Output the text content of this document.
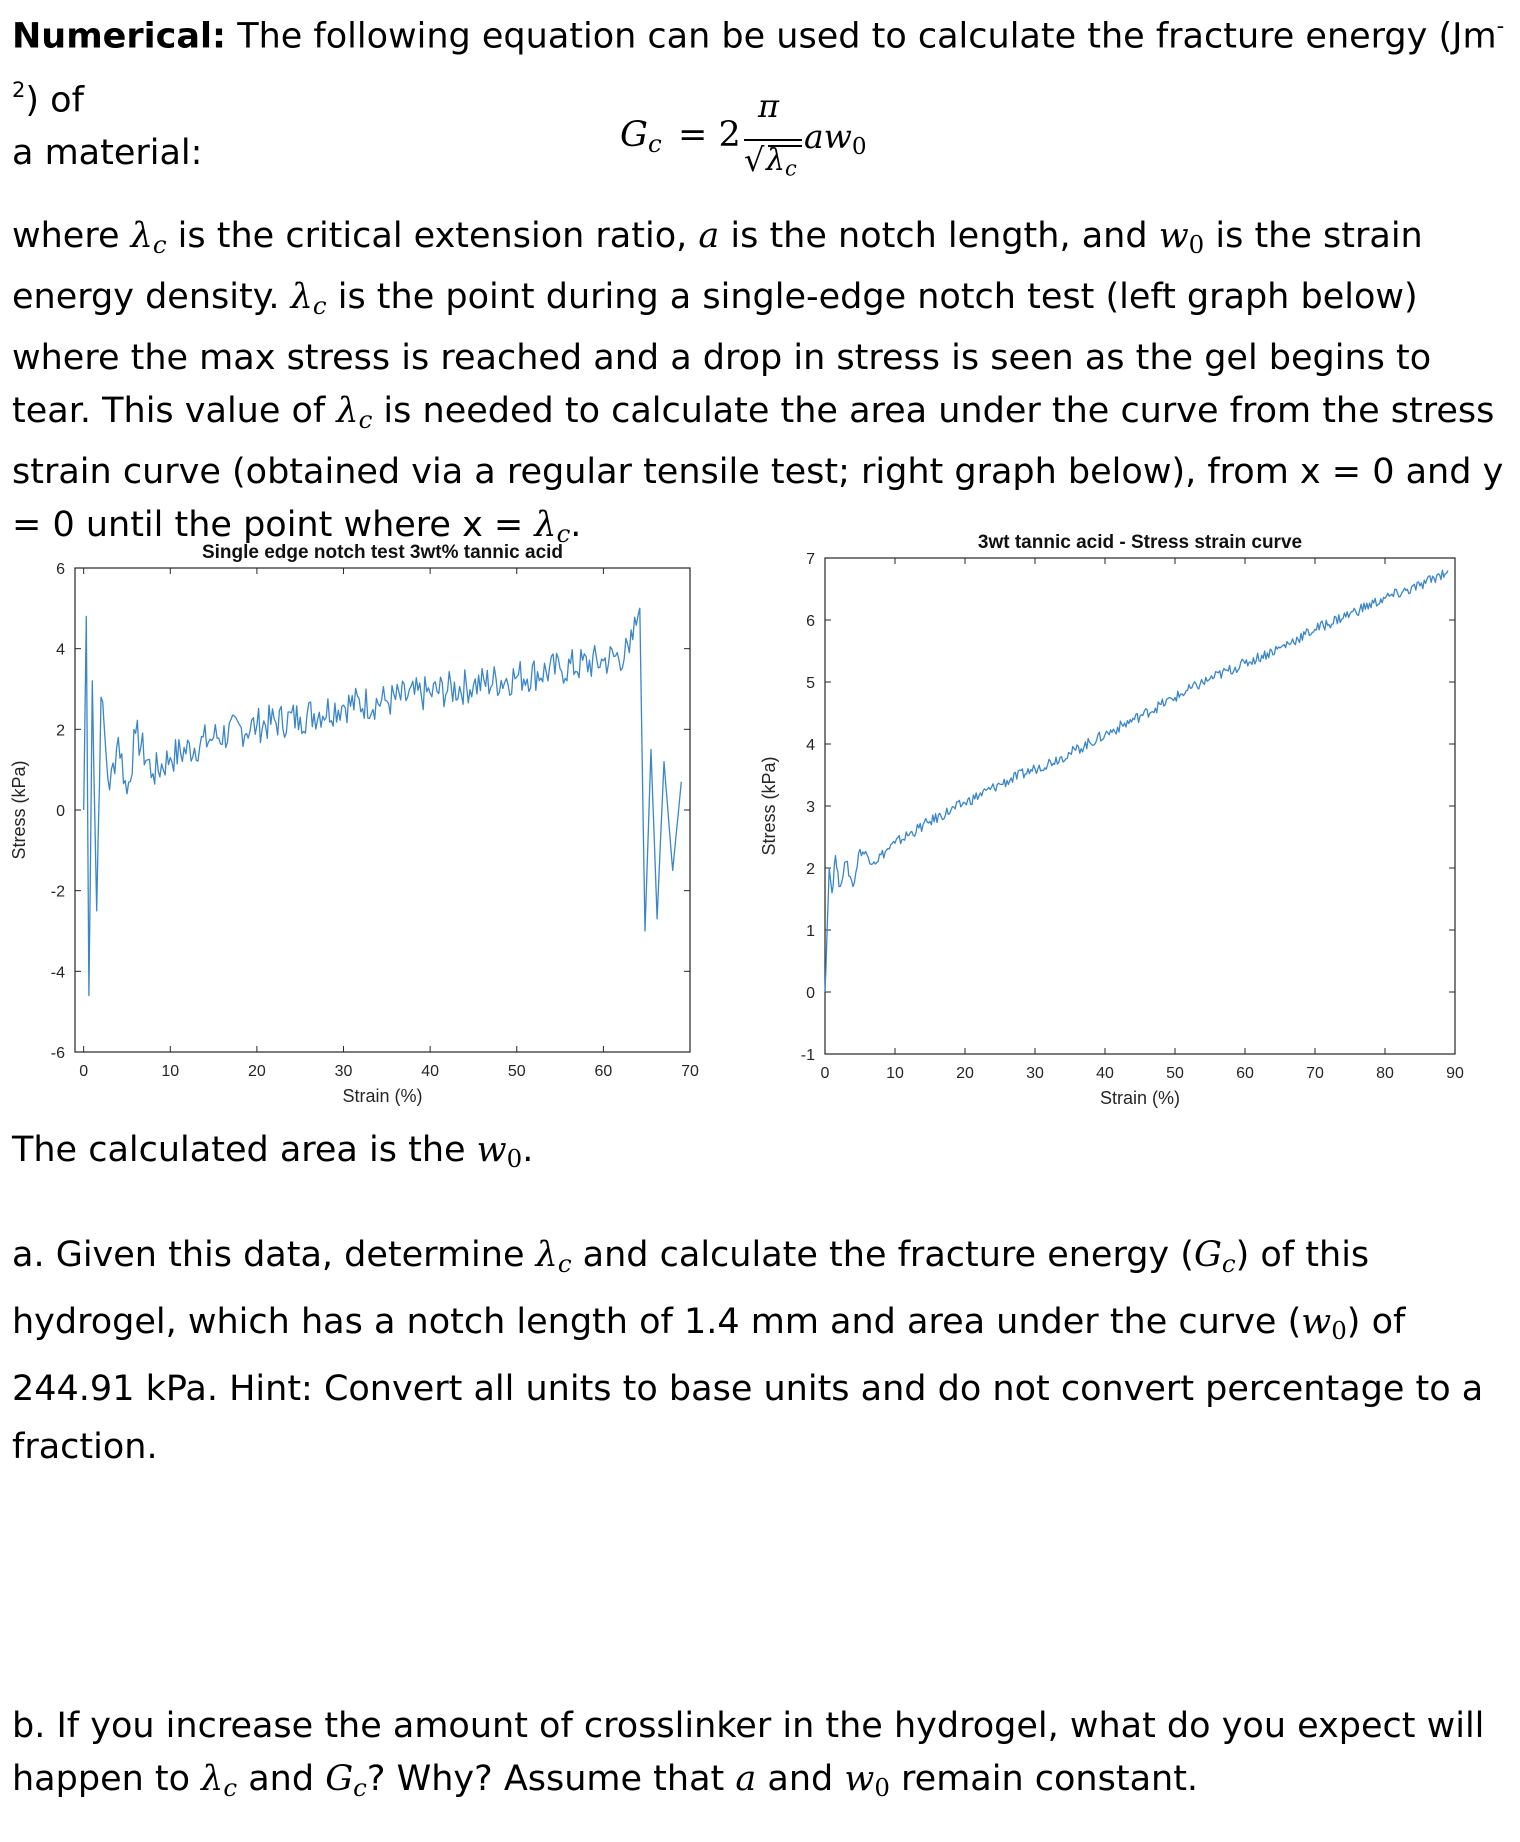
Numerical: The following equation can be used to calculate the fracture energy $(Jm^{-2})$ of
a material:	$G_c = 2$
π
√ $\lambda_c$
$aw_0$
where $\lambda_c$ is the critical extension ratio, a is the notch length, and $w_0$ is the strain energy density. $\lambda_c$ is the point during a single-edge notch test (left graph below) where the max stress is reached and a drop in stress is seen as the gel begins to tear. This value of $\lambda_c$ is needed to calculate the area under the curve from the stress strain curve (obtained via a regular tensile test; right graph below), from x = 0 and y = 0 until the point where $x = \lambda_c$.
0	10	20	30	40	50	60	70
-6
-4
-2
0
2
4
6
Single edge notch test 3wt% tannic acid
Strain (%)
Stress (kPa)
0	10	20	30	40	50	60	70	80	90
-1
0
1
2
3
4
5
6
7
3wt tannic acid - Stress strain curve
Strain (%)
Stress (kPa)
The calculated area is the $w_0$.
a. Given this data, determine $\lambda_c$ and calculate the fracture energy $(G_c)$ of this hydrogel, which has a notch length of 1.4 mm and area under the curve $(w_0)$ of 244.91 kPa. Hint: Convert all units to base units and do not convert percentage to a fraction.
b. If you increase the amount of crosslinker in the hydrogel, what do you expect will happen to $\lambda_c$ and $G_c$? Why? Assume that a and $w_0$ remain constant.
